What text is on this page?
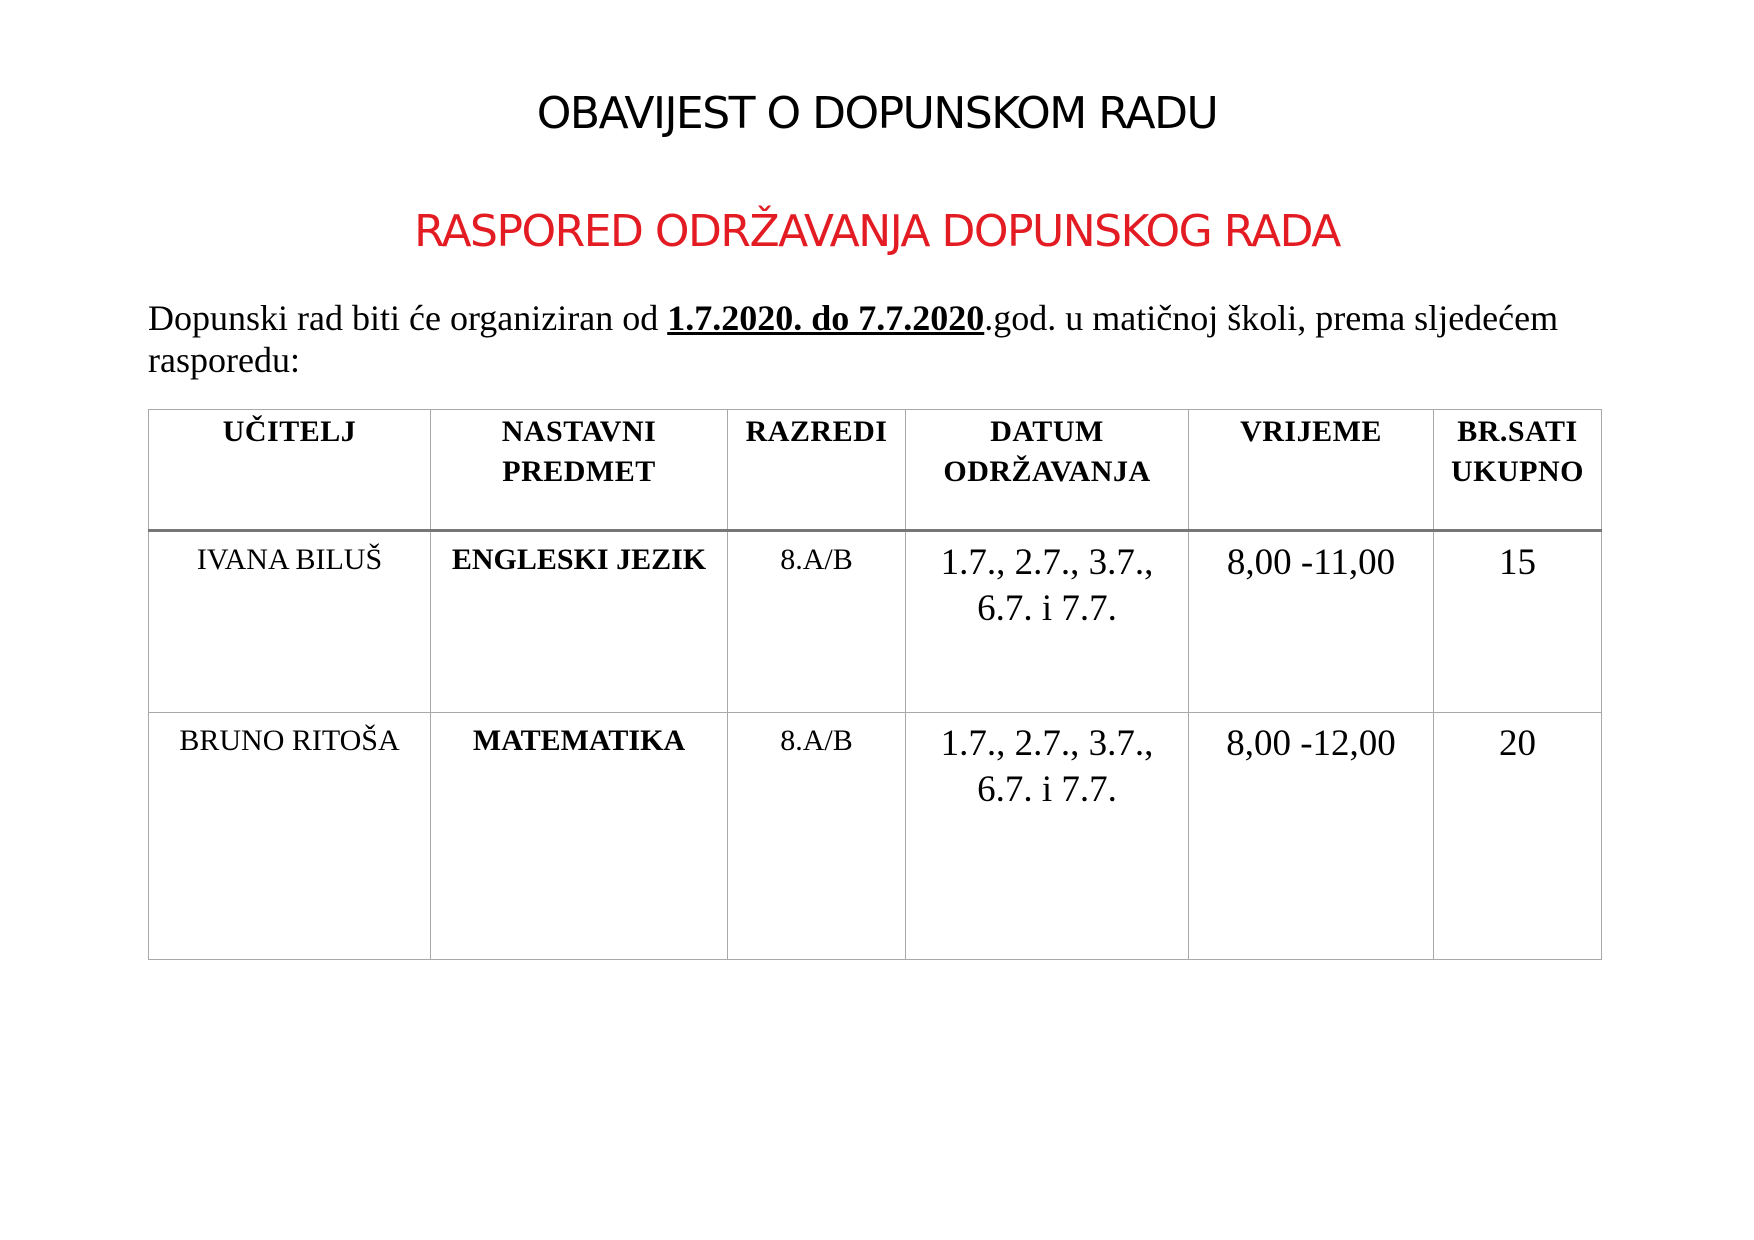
OBAVIJEST O DOPUNSKOM RADU
RASPORED ODRŽAVANJA DOPUNSKOG RADA
Dopunski rad biti će organiziran od 1.7.2020. do 7.7.2020.god. u matičnoj školi, prema sljedećem rasporedu:
UČITELJ	NASTAVNI PREDMET	RAZREDI	DATUM ODRŽAVANJA	VRIJEME	BR.SATI UKUPNO
IVANA BILUŠ	ENGLESKI JEZIK	8.A/B	1.7., 2.7., 3.7., 6.7. i 7.7.	8,00 -11,00	15
BRUNO RITOŠA	MATEMATIKA	8.A/B	1.7., 2.7., 3.7., 6.7. i 7.7.	8,00 -12,00	20
